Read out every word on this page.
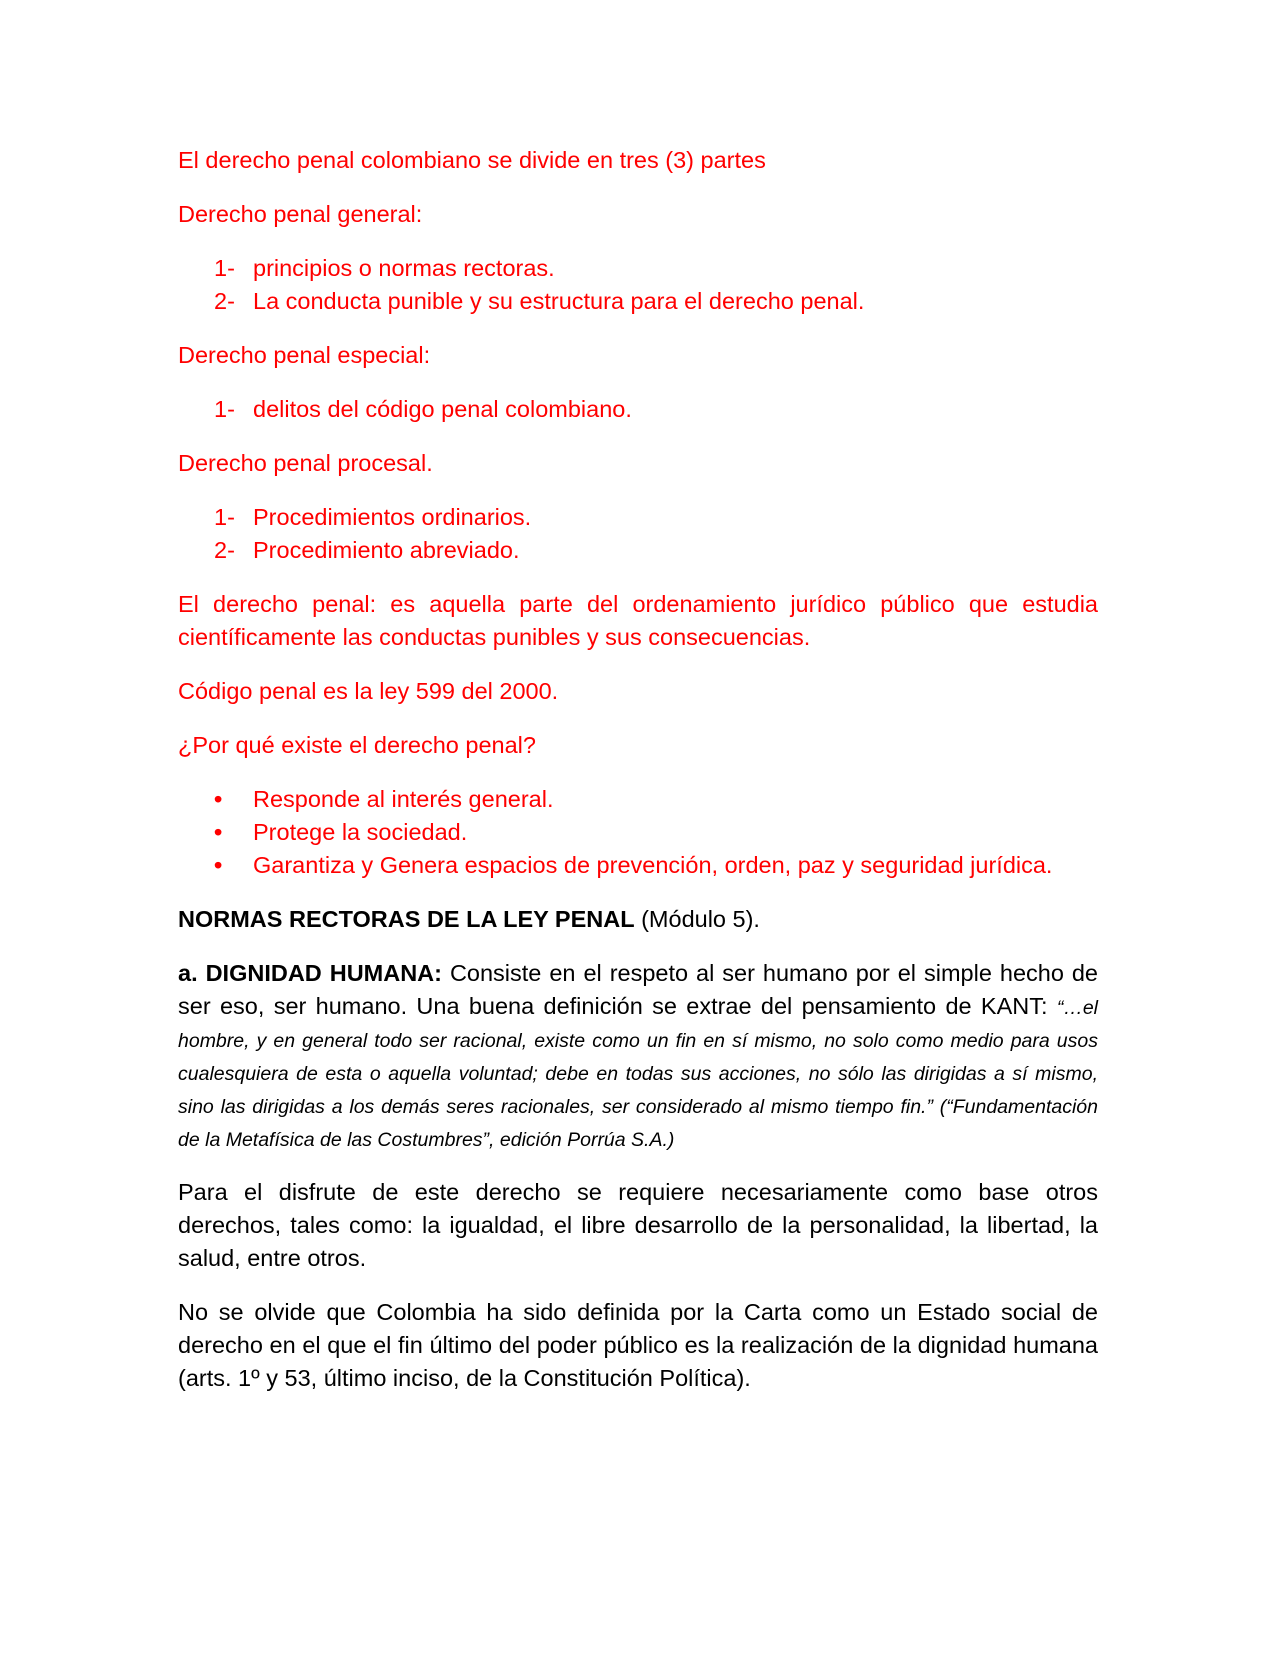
El derecho penal colombiano se divide en tres (3) partes

Derecho penal general:

1- principios o normas rectoras.
2- La conducta punible y su estructura para el derecho penal.

Derecho penal especial:

1- delitos del código penal colombiano.

Derecho penal procesal.

1- Procedimientos ordinarios.
2- Procedimiento abreviado.

El derecho penal: es aquella parte del ordenamiento jurídico público que estudia científicamente las conductas punibles y sus consecuencias.

Código penal es la ley 599 del 2000.

¿Por qué existe el derecho penal?

•	Responde al interés general.
•	Protege la sociedad.
•	Garantiza y Genera espacios de prevención, orden, paz y seguridad jurídica.

NORMAS RECTORAS DE LA LEY PENAL (Módulo 5).

a. DIGNIDAD HUMANA: Consiste en el respeto al ser humano por el simple hecho de ser eso, ser humano. Una buena definición se extrae del pensamiento de KANT: “…el hombre, y en general todo ser racional, existe como un fin en sí mismo, no solo como medio para usos cualesquiera de esta o aquella voluntad; debe en todas sus acciones, no sólo las dirigidas a sí mismo, sino las dirigidas a los demás seres racionales, ser considerado al mismo tiempo fin.” (“Fundamentación de la Metafísica de las Costumbres”, edición Porrúa S.A.)

Para el disfrute de este derecho se requiere necesariamente como base otros derechos, tales como: la igualdad, el libre desarrollo de la personalidad, la libertad, la salud, entre otros.

No se olvide que Colombia ha sido definida por la Carta como un Estado social de derecho en el que el fin último del poder público es la realización de la dignidad humana (arts. 1º y 53, último inciso, de la Constitución Política).
